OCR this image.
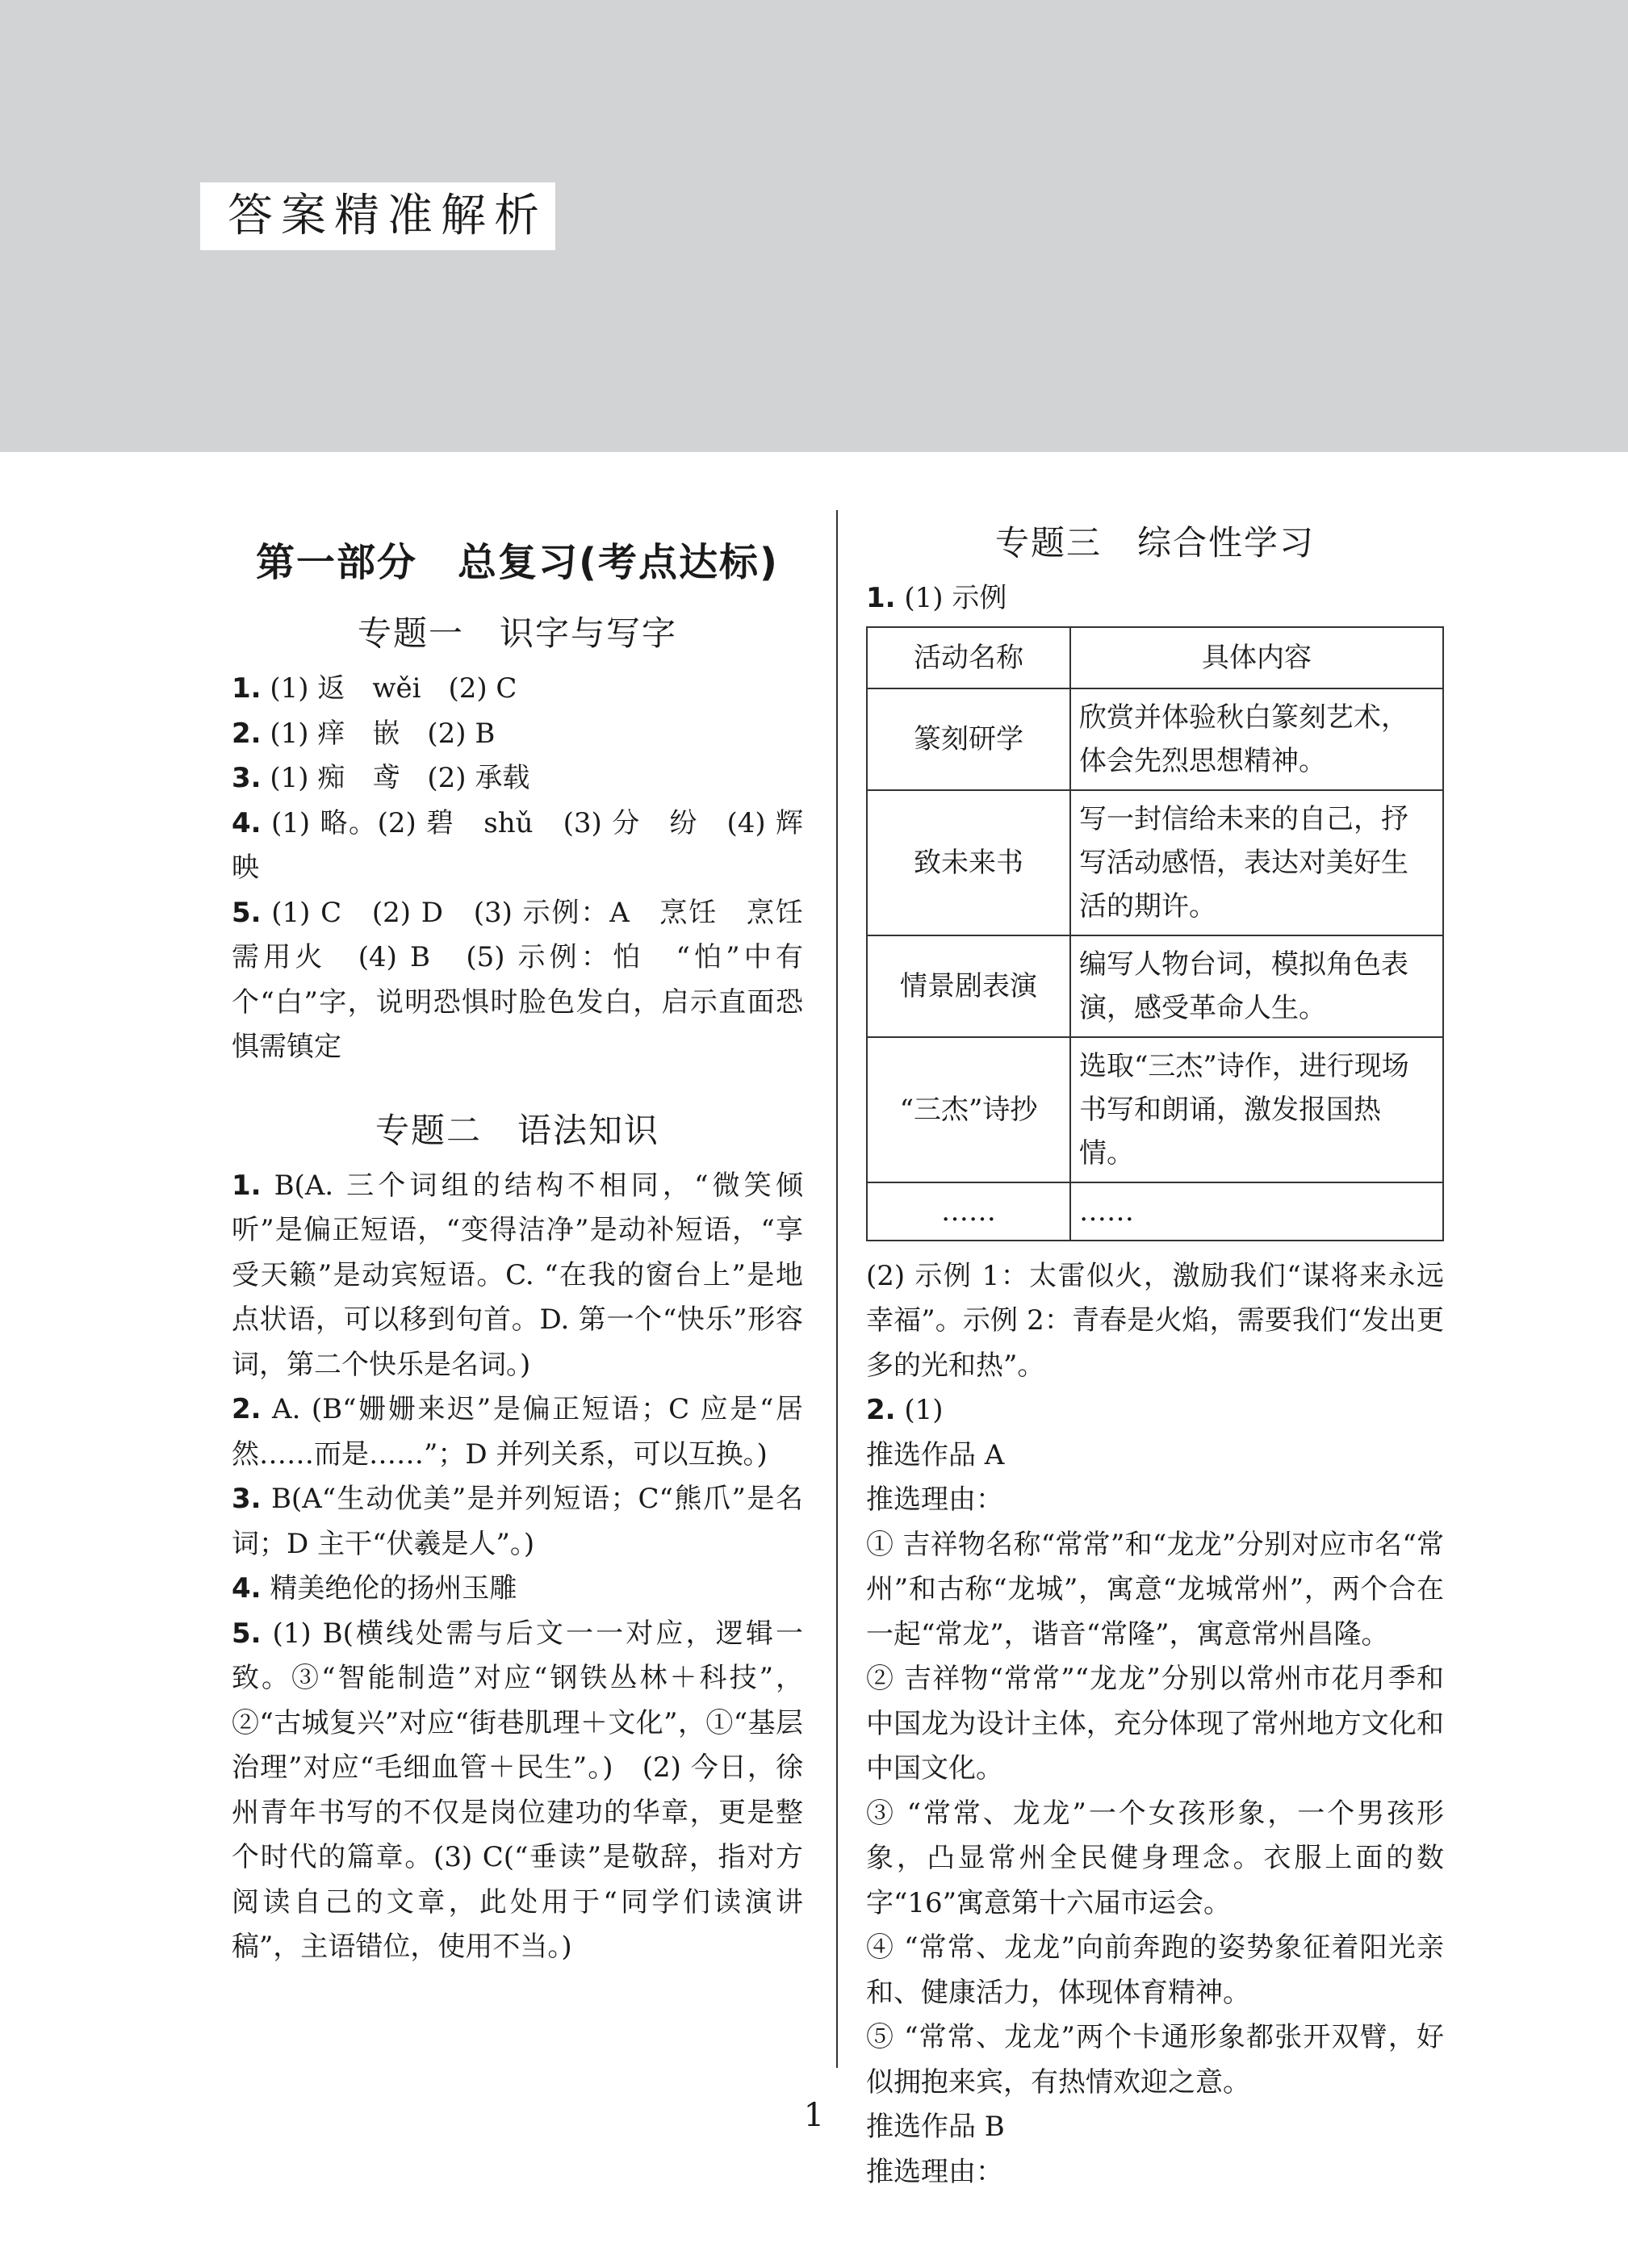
答案精准解析
第一部分　总复习(考点达标)
专题一　识字与写字

1. (1) 返　wěi　(2) C

2. (1) 痒　嵌　(2) B

3. (1) 痴　鸢　(2) 承载

4. (1) 略。(2) 碧　shǔ　(3) 分　纷　(4) 辉映

5. (1) C　(2) D　(3) 示例：A　烹饪　烹饪需用火　(4) B　(5) 示例：怕　“怕”中有个“白”字，说明恐惧时脸色发白，启示直面恐惧需镇定

专题二　语法知识

1. B(A. 三个词组的结构不相同，“微笑倾听”是偏正短语，“变得洁净”是动补短语，“享受天籁”是动宾短语。C. “在我的窗台上”是地点状语，可以移到句首。D. 第一个“快乐”形容词，第二个快乐是名词。)

2. A. (B“姗姗来迟”是偏正短语；C 应是“居然……而是……”；D 并列关系，可以互换。)

3. B(A“生动优美”是并列短语；C“熊爪”是名词；D 主干“伏羲是人”。)

4. 精美绝伦的扬州玉雕

5. (1) B(横线处需与后文一一对应，逻辑一致。③“智能制造”对应“钢铁丛林＋科技”，②“古城复兴”对应“街巷肌理＋文化”，①“基层治理”对应“毛细血管＋民生”。)　(2) 今日，徐州青年书写的不仅是岗位建功的华章，更是整个时代的篇章。(3) C(“垂读”是敬辞，指对方阅读自己的文章，此处用于“同学们读演讲稿”，主语错位，使用不当。)

专题三　综合性学习

1. (1) 示例

活动名称	具体内容
篆刻研学	欣赏并体验秋白篆刻艺术，体会先烈思想精神。
致未来书	写一封信给未来的自己，抒写活动感悟，表达对美好生活的期许。
情景剧表演	编写人物台词，模拟角色表演，感受革命人生。
“三杰”诗抄	选取“三杰”诗作，进行现场书写和朗诵，激发报国热情。
……	……

(2) 示例 1：太雷似火，激励我们“谋将来永远幸福”。示例 2：青春是火焰，需要我们“发出更多的光和热”。

2. (1)

推选作品 A

推选理由：

① 吉祥物名称“常常”和“龙龙”分别对应市名“常州”和古称“龙城”，寓意“龙城常州”，两个合在一起“常龙”，谐音“常隆”，寓意常州昌隆。

② 吉祥物“常常”“龙龙”分别以常州市花月季和中国龙为设计主体，充分体现了常州地方文化和中国文化。

③ “常常、龙龙”一个女孩形象，一个男孩形象，凸显常州全民健身理念。衣服上面的数字“16”寓意第十六届市运会。

④ “常常、龙龙”向前奔跑的姿势象征着阳光亲和、健康活力，体现体育精神。

⑤ “常常、龙龙”两个卡通形象都张开双臂，好似拥抱来宾，有热情欢迎之意。

推选作品 B

推选理由：

1
